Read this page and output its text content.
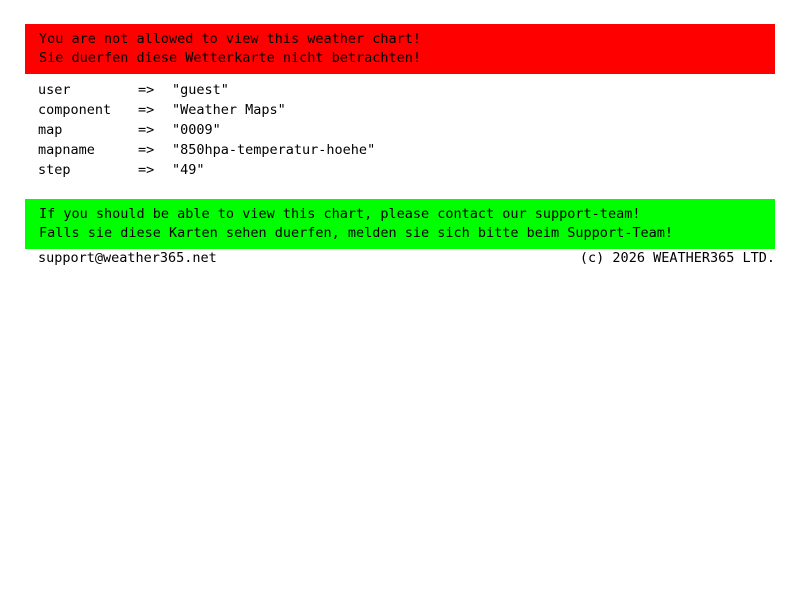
You are not allowed to view this weather chart!
Sie duerfen diese Wetterkarte nicht betrachten!
user	=>	"guest"
component	=>	"Weather Maps"
map	=>	"0009"
mapname	=>	"850hpa-temperatur-hoehe"
step	=>	"49"
If you should be able to view this chart, please contact our support-team!
Falls sie diese Karten sehen duerfen, melden sie sich bitte beim Support-Team!
support@weather365.net	(c) 2026 WEATHER365 LTD.
